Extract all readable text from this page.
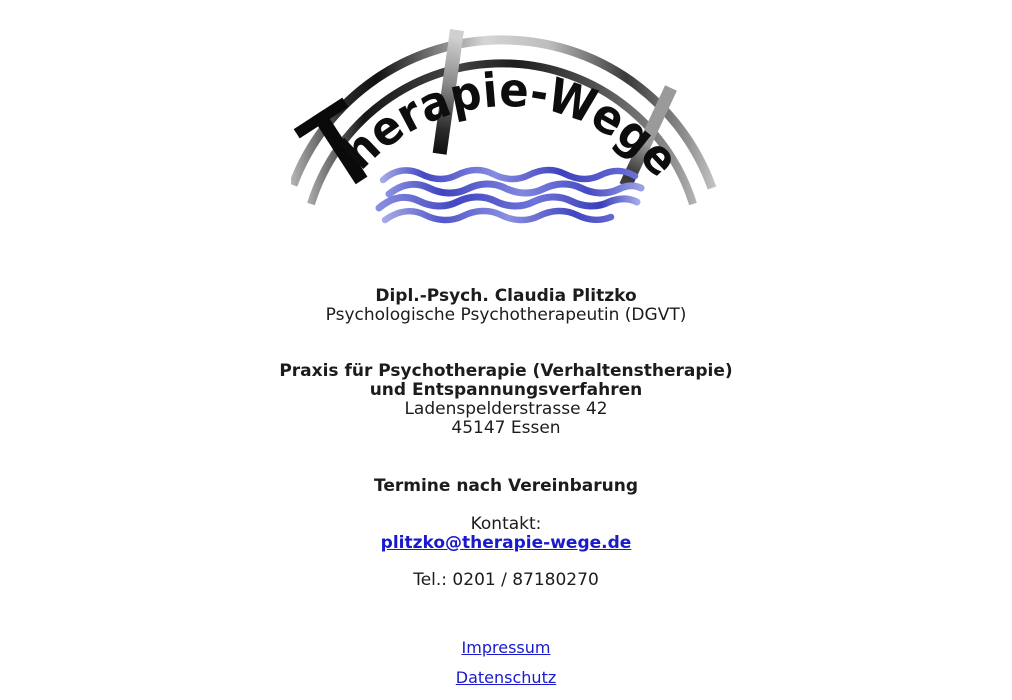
herapie-Wege

Dipl.-Psych. Claudia Plitzko
Psychologische Psychotherapeutin (DGVT)

Praxis für Psychotherapie (Verhaltenstherapie)
und Entspannungsverfahren
Ladenspelderstrasse 42
45147 Essen

Termine nach Vereinbarung

Kontakt:
plitzko@therapie-wege.de

Tel.: 0201 / 87180270

Impressum

Datenschutz
